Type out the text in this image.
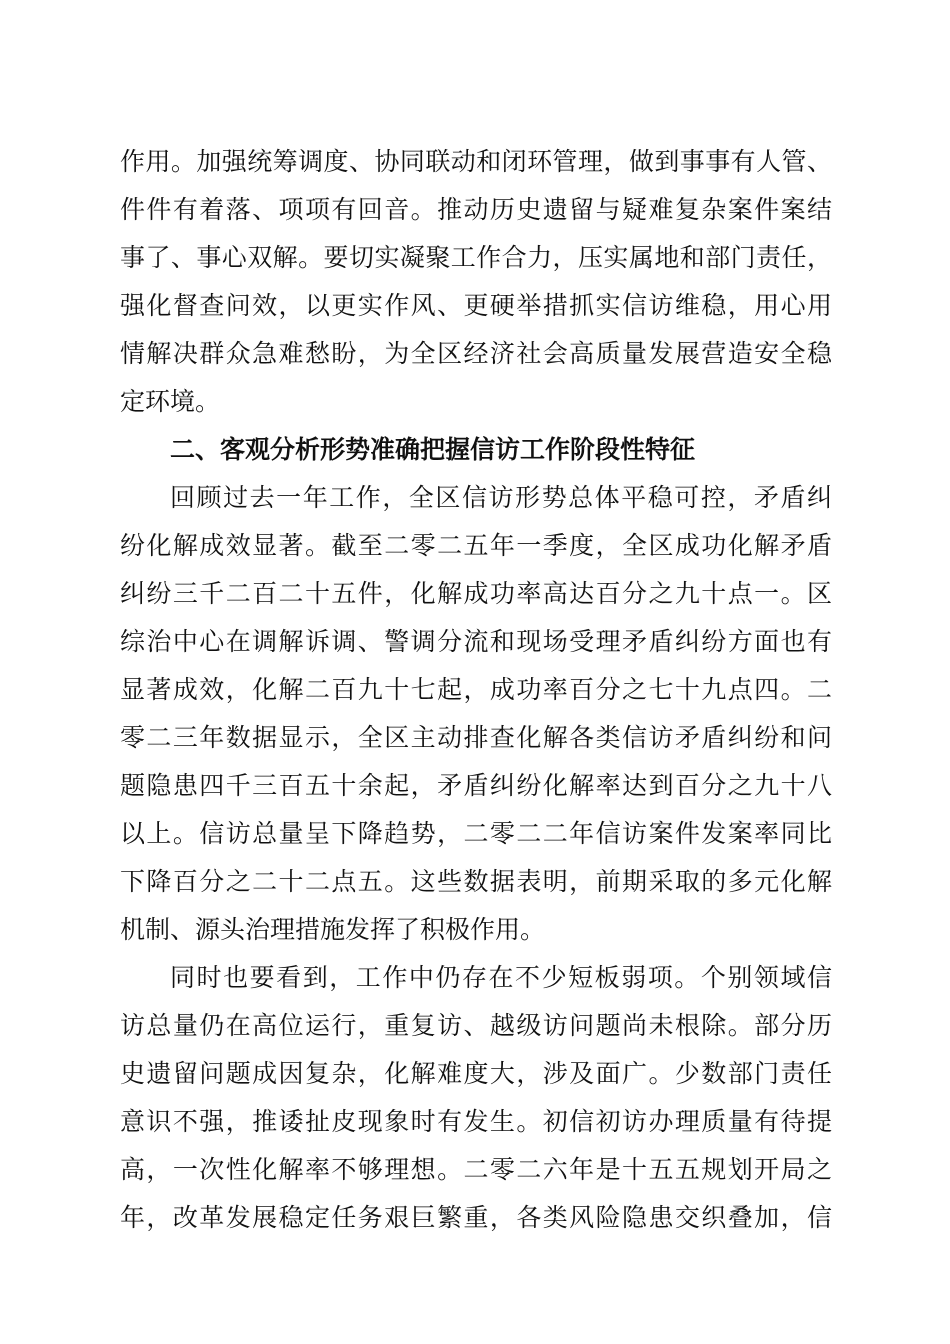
作用。加强统筹调度、协同联动和闭环管理，做到事事有人管、
件件有着落、项项有回音。推动历史遗留与疑难复杂案件案结
事了、事心双解。要切实凝聚工作合力，压实属地和部门责任，
强化督查问效，以更实作风、更硬举措抓实信访维稳，用心用
情解决群众急难愁盼，为全区经济社会高质量发展营造安全稳
定环境。
二、客观分析形势准确把握信访工作阶段性特征
回顾过去一年工作，全区信访形势总体平稳可控，矛盾纠
纷化解成效显著。截至二零二五年一季度，全区成功化解矛盾
纠纷三千二百二十五件，化解成功率高达百分之九十点一。区
综治中心在调解诉调、警调分流和现场受理矛盾纠纷方面也有
显著成效，化解二百九十七起，成功率百分之七十九点四。二
零二三年数据显示，全区主动排查化解各类信访矛盾纠纷和问
题隐患四千三百五十余起，矛盾纠纷化解率达到百分之九十八
以上。信访总量呈下降趋势，二零二二年信访案件发案率同比
下降百分之二十二点五。这些数据表明，前期采取的多元化解
机制、源头治理措施发挥了积极作用。
同时也要看到，工作中仍存在不少短板弱项。个别领域信
访总量仍在高位运行，重复访、越级访问题尚未根除。部分历
史遗留问题成因复杂，化解难度大，涉及面广。少数部门责任
意识不强，推诿扯皮现象时有发生。初信初访办理质量有待提
高，一次性化解率不够理想。二零二六年是十五五规划开局之
年，改革发展稳定任务艰巨繁重，各类风险隐患交织叠加，信
